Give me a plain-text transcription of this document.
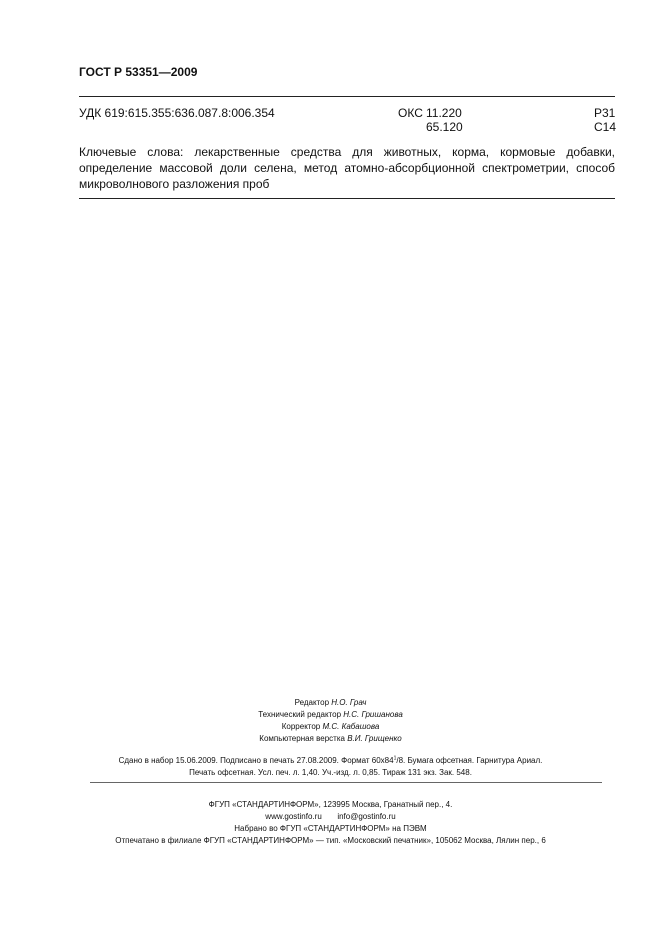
ГОСТ Р 53351—2009
УДК 619:615.355:636.087.8:006.354	ОКС 11.220
65.120
Р31
С14
Ключевые слова: лекарственные средства для животных, корма, кормовые добавки, определение массовой доли селена, метод атомно-абсорбционной спектрометрии, способ микроволнового разложения проб
Редактор Н.О. Грач
Технический редактор Н.С. Гришанова
Корректор М.С. Кабашова
Компьютерная верстка В.И. Грищенко
Сдано в набор 15.06.2009. Подписано в печать 27.08.2009. Формат $60х84^1/8$. Бумага офсетная. Гарнитура Ариал.
Печать офсетная. Усл. печ. л. 1,40. Уч.-изд. л. 0,85. Тираж 131 экз. Зак. 548.
ФГУП «СТАНДАРТИНФОРМ», 123995 Москва, Гранатный пер., 4.
www.gostinfo.ru info@gostinfo.ru
Набрано во ФГУП «СТАНДАРТИНФОРМ» на ПЭВМ
Отпечатано в филиале ФГУП «СТАНДАРТИНФОРМ» — тип. «Московский печатник», 105062 Москва, Лялин пер., 6
